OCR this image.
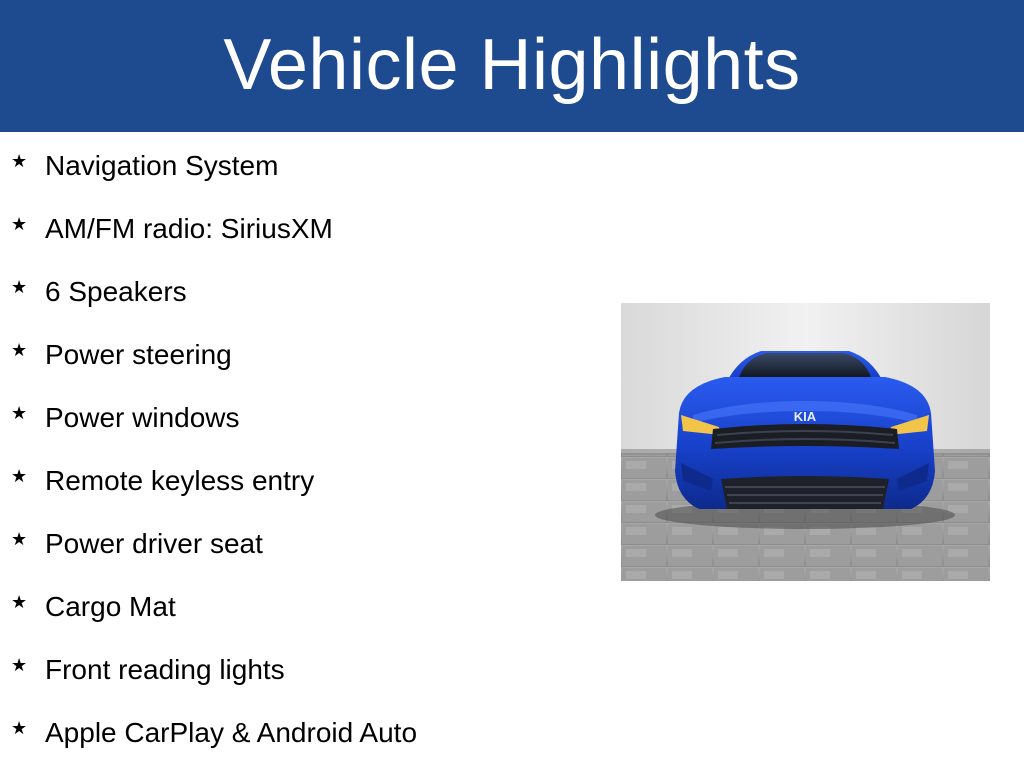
Vehicle Highlights
★ Navigation System
★ AM/FM radio: SiriusXM
★ 6 Speakers
★ Power steering
★ Power windows
★ Remote keyless entry
★ Power driver seat
★ Cargo Mat
★ Front reading lights
★ Apple CarPlay & Android Auto
KIA
